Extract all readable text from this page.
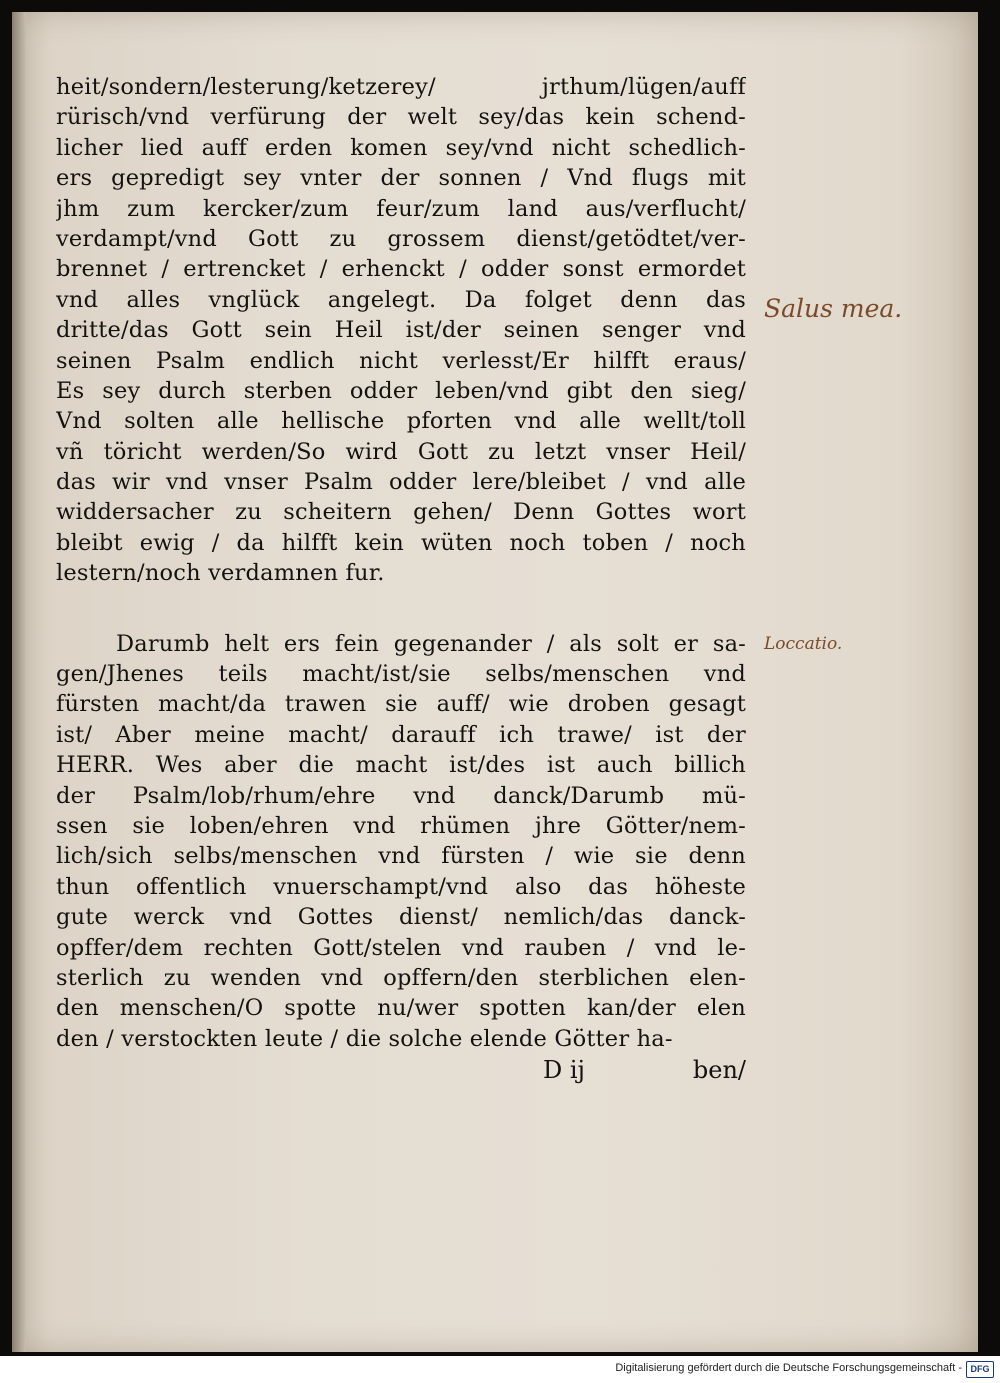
heit/sondern/lesterung/ketzerey/ jrthum/lügen/auff
rürisch/vnd verfürung der welt sey/das kein schend-
licher lied auff erden komen sey/vnd nicht schedlich-
ers gepredigt sey vnter der sonnen / Vnd flugs mit
jhm zum kercker/zum feur/zum land aus/verflucht/
verdampt/vnd Gott zu grossem dienst/getödtet/ver-
brennet / ertrencket / erhenckt / odder sonst ermordet
vnd alles vnglück angelegt. Da folget denn das
dritte/das Gott sein Heil ist/der seinen senger vnd
seinen Psalm endlich nicht verlesst/Er hilfft eraus/
Es sey durch sterben odder leben/vnd gibt den sieg/
Vnd solten alle hellische pforten vnd alle wellt/toll
vñ töricht werden/So wird Gott zu letzt vnser Heil/
das wir vnd vnser Psalm odder lere/bleibet / vnd alle
widdersacher zu scheitern gehen/ Denn Gottes wort
bleibt ewig / da hilfft kein wüten noch toben / noch
lestern/noch verdamnen fur.
Darumb helt ers fein gegenander / als solt er sa-
gen/Jhenes teils macht/ist/sie selbs/menschen vnd
fürsten macht/da trawen sie auff/ wie droben gesagt
ist/ Aber meine macht/ darauff ich trawe/ ist der
HERR. Wes aber die macht ist/des ist auch billich
der Psalm/lob/rhum/ehre vnd danck/Darumb mü-
ssen sie loben/ehren vnd rhümen jhre Götter/nem-
lich/sich selbs/menschen vnd fürsten / wie sie denn
thun offentlich vnuerschampt/vnd also das höheste
gute werck vnd Gottes dienst/ nemlich/das danck-
opffer/dem rechten Gott/stelen vnd rauben / vnd le-
sterlich zu wenden vnd opffern/den sterblichen elen-
den menschen/O spotte nu/wer spotten kan/der elen
den / verstockten leute / die solche elende Götter ha-
Salus mea.
Loccatio.
D ij	ben/
Digitalisierung gefördert durch die Deutsche Forschungsgemeinschaft - DFG
